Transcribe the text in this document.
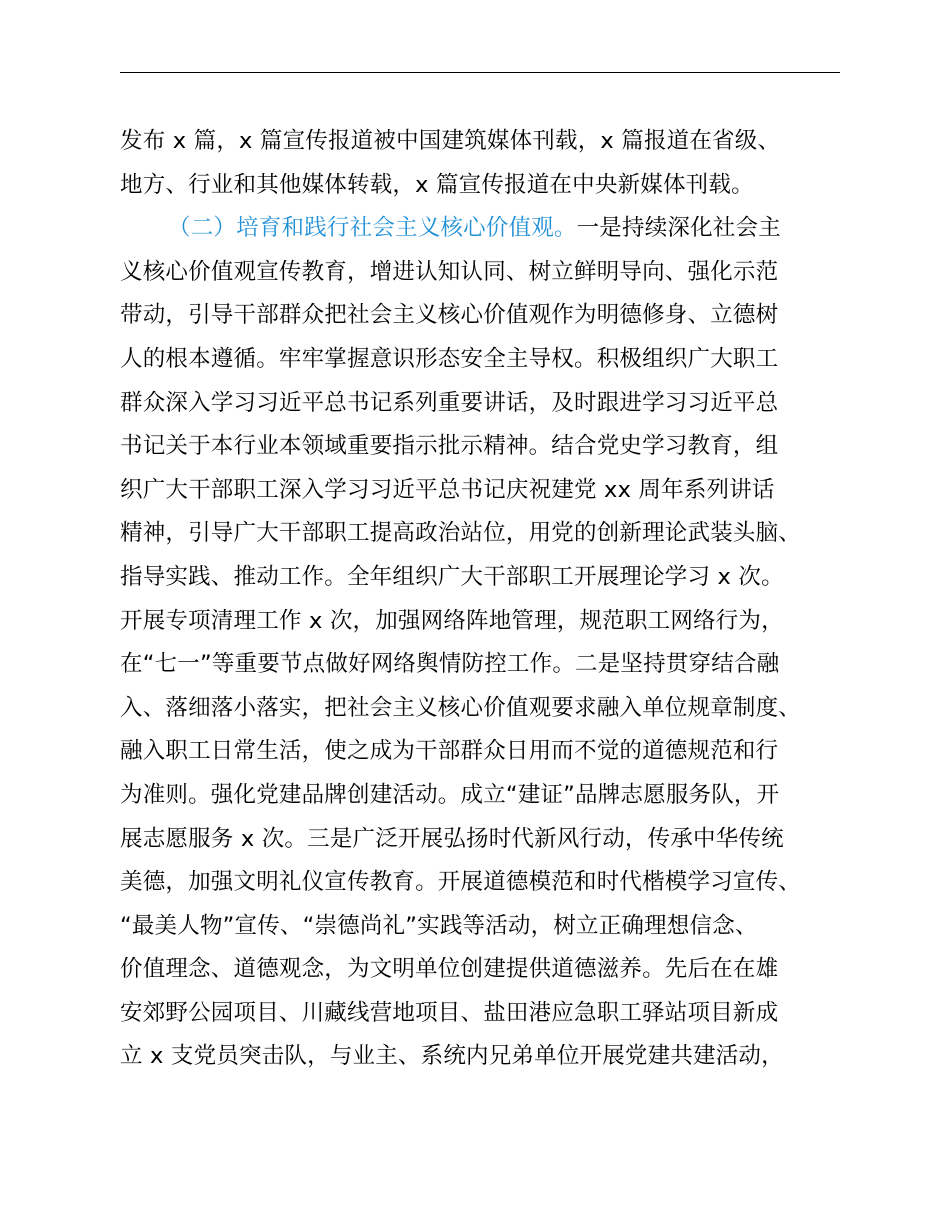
发布 x 篇，x 篇宣传报道被中国建筑媒体刊载，x 篇报道在省级、
地方、行业和其他媒体转载，x 篇宣传报道在中央新媒体刊载。
（二）培育和践行社会主义核心价值观。一是持续深化社会主
义核心价值观宣传教育，增进认知认同、树立鲜明导向、强化示范
带动，引导干部群众把社会主义核心价值观作为明德修身、立德树
人的根本遵循。牢牢掌握意识形态安全主导权。积极组织广大职工
群众深入学习习近平总书记系列重要讲话，及时跟进学习习近平总
书记关于本行业本领域重要指示批示精神。结合党史学习教育，组
织广大干部职工深入学习习近平总书记庆祝建党 xx 周年系列讲话
精神，引导广大干部职工提高政治站位，用党的创新理论武装头脑、
指导实践、推动工作。全年组织广大干部职工开展理论学习 x 次。
开展专项清理工作 x 次，加强网络阵地管理，规范职工网络行为，
在“七一”等重要节点做好网络舆情防控工作。二是坚持贯穿结合融
入、落细落小落实，把社会主义核心价值观要求融入单位规章制度、
融入职工日常生活，使之成为干部群众日用而不觉的道德规范和行
为准则。强化党建品牌创建活动。成立“建证”品牌志愿服务队，开
展志愿服务 x 次。三是广泛开展弘扬时代新风行动，传承中华传统
美德，加强文明礼仪宣传教育。开展道德模范和时代楷模学习宣传、
“最美人物”宣传、“崇德尚礼”实践等活动，树立正确理想信念、
价值理念、道德观念，为文明单位创建提供道德滋养。先后在在雄
安郊野公园项目、川藏线营地项目、盐田港应急职工驿站项目新成
立 x 支党员突击队，与业主、系统内兄弟单位开展党建共建活动，
